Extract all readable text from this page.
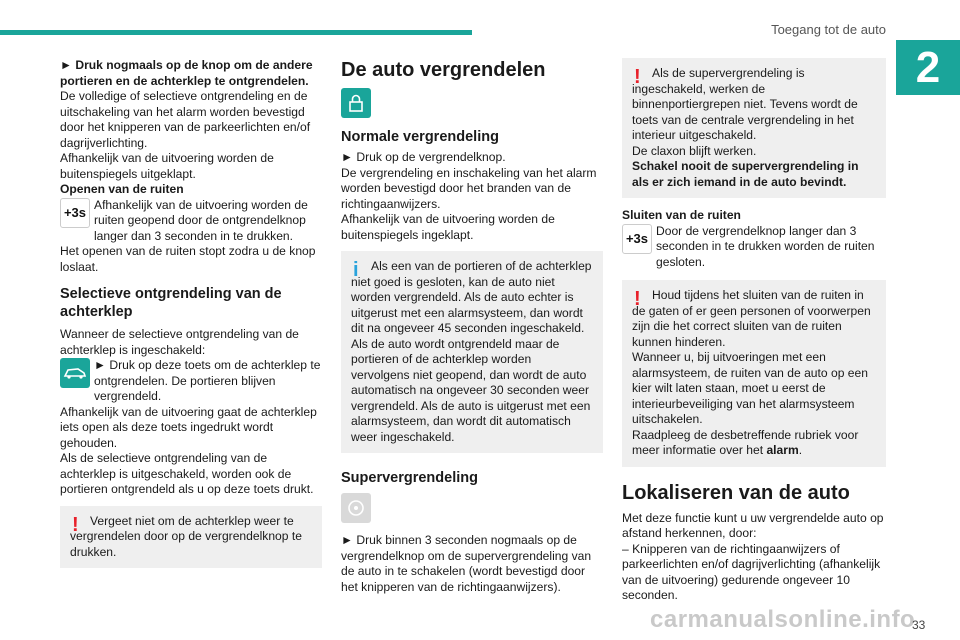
Toegang tot de auto
2

► Druk nogmaals op de knop om de andere portieren en de achterklep te ontgrendelen.

De volledige of selectieve ontgrendeling en de uitschakeling van het alarm worden bevestigd door het knipperen van de parkeerlichten en/of dagrijverlichting.

Afhankelijk van de uitvoering worden de buitenspiegels uitgeklapt.

Openen van de ruiten

+3s

Afhankelijk van de uitvoering worden de ruiten geopend door de ontgrendelknop langer dan 3 seconden in te drukken.

Het openen van de ruiten stopt zodra u de knop loslaat.

Selectieve ontgrendeling van de achterklep

Wanneer de selectieve ontgrendeling van de achterklep is ingeschakeld:

► Druk op deze toets om de achterklep te ontgrendelen. De portieren blijven vergrendeld.

Afhankelijk van de uitvoering gaat de achterklep iets open als deze toets ingedrukt wordt gehouden.

Als de selectieve ontgrendeling van de achterklep is uitgeschakeld, worden ook de portieren ontgrendeld als u op deze toets drukt.

! Vergeet niet om de achterklep weer te vergrendelen door op de vergrendelknop te drukken.

De auto vergrendelen

Normale vergrendeling

► Druk op de vergrendelknop.

De vergrendeling en inschakeling van het alarm worden bevestigd door het branden van de richtingaanwijzers.

Afhankelijk van de uitvoering worden de buitenspiegels ingeklapt.

i	Als een van de portieren of de achterklep niet goed is gesloten, kan de auto niet worden vergrendeld. Als de auto echter is uitgerust met een alarmsysteem, dan wordt dit na ongeveer 45 seconden ingeschakeld.

Als de auto wordt ontgrendeld maar de portieren of de achterklep worden vervolgens niet geopend, dan wordt de auto automatisch na ongeveer 30 seconden weer vergrendeld. Als de auto is uitgerust met een alarmsysteem, dan wordt dit automatisch weer ingeschakeld.

Supervergrendeling

► Druk binnen 3 seconden nogmaals op de vergrendelknop om de supervergrendeling van de auto in te schakelen (wordt bevestigd door het knipperen van de richtingaanwijzers).

! Als de supervergrendeling is ingeschakeld, werken de binnenportiergrepen niet. Tevens wordt de toets van de centrale vergrendeling in het interieur uitgeschakeld.

De claxon blijft werken.

Schakel nooit de supervergrendeling in als er zich iemand in de auto bevindt.

Sluiten van de ruiten

+3s

Door de vergrendelknop langer dan 3 seconden in te drukken worden de ruiten gesloten.

! Houd tijdens het sluiten van de ruiten in de gaten of er geen personen of voorwerpen zijn die het correct sluiten van de ruiten kunnen hinderen.

Wanneer u, bij uitvoeringen met een alarmsysteem, de ruiten van de auto op een kier wilt laten staan, moet u eerst de interieurbeveiliging van het alarmsysteem uitschakelen.

Raadpleeg de desbetreffende rubriek voor meer informatie over het alarm.

Lokaliseren van de auto

Met deze functie kunt u uw vergrendelde auto op afstand herkennen, door:

– Knipperen van de richtingaanwijzers of parkeerlichten en/of dagrijverlichting (afhankelijk van de uitvoering) gedurende ongeveer 10 seconden.

carmanualsonline.info
33
